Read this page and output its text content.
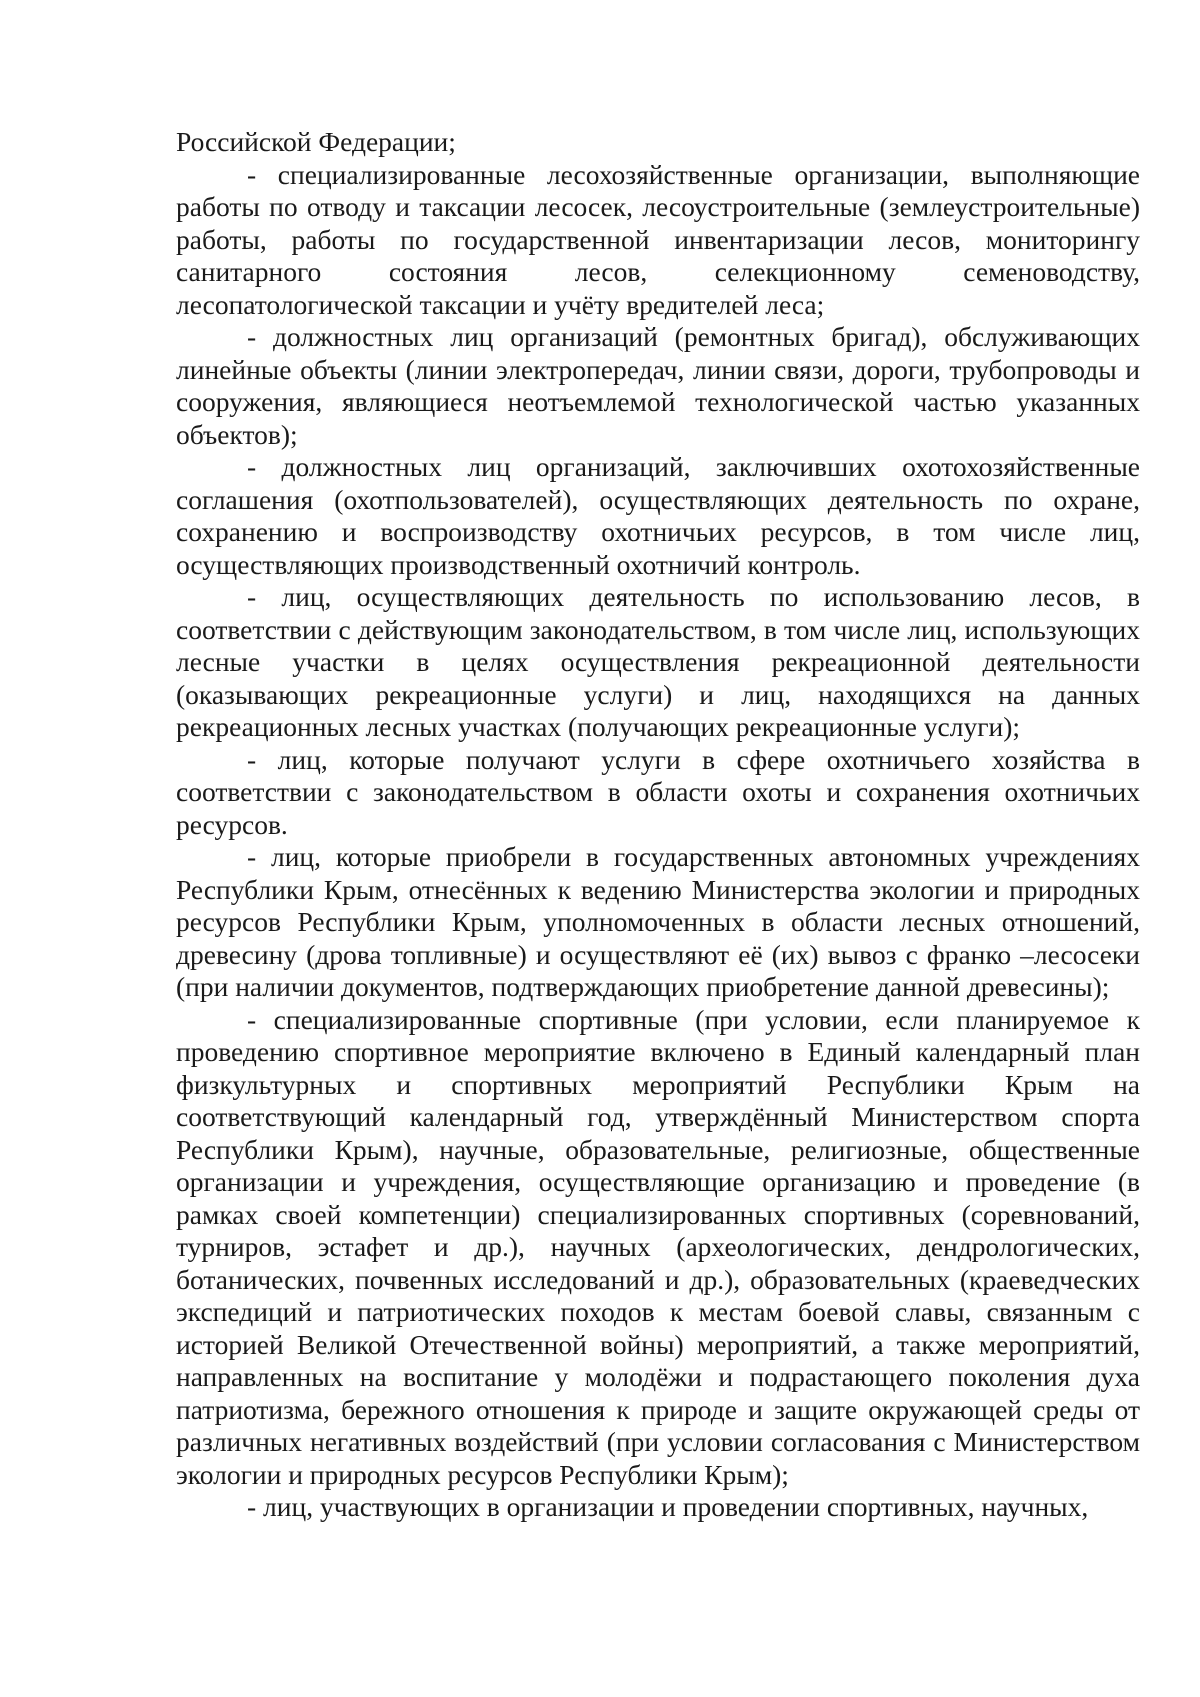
Российской Федерации;

- специализированные лесохозяйственные организации, выполняющие работы по отводу и таксации лесосек, лесоустроительные (землеустроительные) работы, работы по государственной инвентаризации лесов, мониторингу санитарного состояния лесов, селекционному семеноводству, лесопатологической таксации и учёту вредителей леса;

- должностных лиц организаций (ремонтных бригад), обслуживающих линейные объекты (линии электропередач, линии связи, дороги, трубопроводы и сооружения, являющиеся неотъемлемой технологической частью указанных объектов);

- должностных лиц организаций, заключивших охотохозяйственные соглашения (охотпользователей), осуществляющих деятельность по охране, сохранению и воспроизводству охотничьих ресурсов, в том числе лиц, осуществляющих производственный охотничий контроль.

- лиц, осуществляющих деятельность по использованию лесов, в соответствии с действующим законодательством, в том числе лиц, использующих лесные участки в целях осуществления рекреационной деятельности (оказывающих рекреационные услуги) и лиц, находящихся на данных рекреационных лесных участках (получающих рекреационные услуги);

- лиц, которые получают услуги в сфере охотничьего хозяйства в соответствии с законодательством в области охоты и сохранения охотничьих ресурсов.

- лиц, которые приобрели в государственных автономных учреждениях Республики Крым, отнесённых к ведению Министерства экологии и природных ресурсов Республики Крым, уполномоченных в области лесных отношений, древесину (дрова топливные) и осуществляют её (их) вывоз с франко –лесосеки (при наличии документов, подтверждающих приобретение данной древесины);

- специализированные спортивные (при условии, если планируемое к проведению спортивное мероприятие включено в Единый календарный план физкультурных и спортивных мероприятий Республики Крым на соответствующий календарный год, утверждённый Министерством спорта Республики Крым), научные, образовательные, религиозные, общественные организации и учреждения, осуществляющие организацию и проведение (в рамках своей компетенции) специализированных спортивных (соревнований, турниров, эстафет и др.), научных (археологических, дендрологических, ботанических, почвенных исследований и др.), образовательных (краеведческих экспедиций и патриотических походов к местам боевой славы, связанным с историей Великой Отечественной войны) мероприятий, а также мероприятий, направленных на воспитание у молодёжи и подрастающего поколения духа патриотизма, бережного отношения к природе и защите окружающей среды от различных негативных воздействий (при условии согласования с Министерством экологии и природных ресурсов Республики Крым);

- лиц, участвующих в организации и проведении спортивных, научных,
